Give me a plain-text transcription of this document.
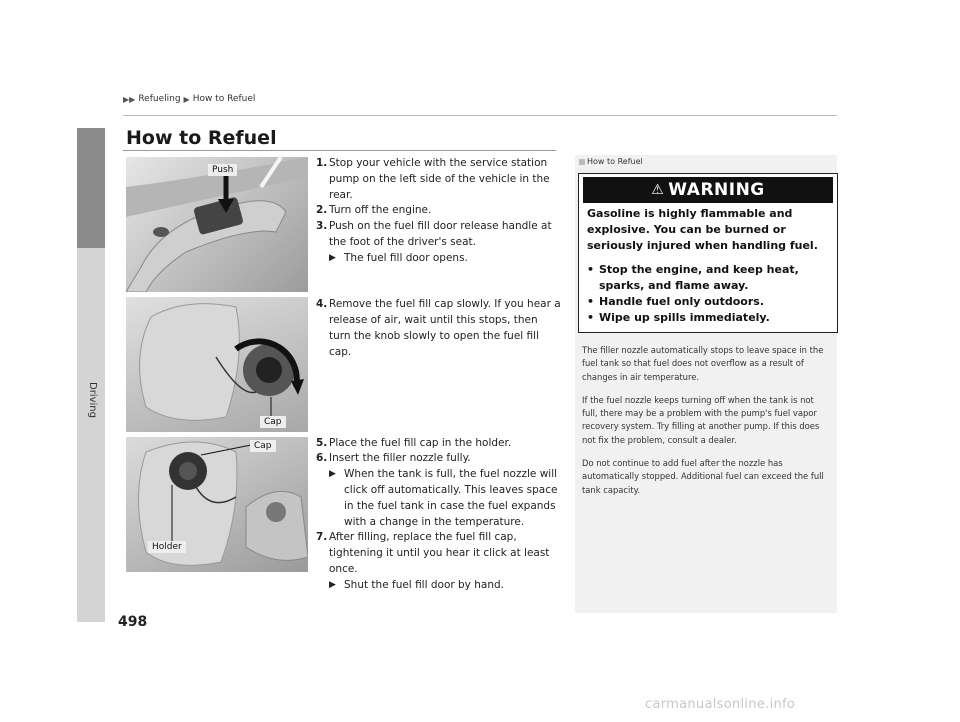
▶▶ Refueling ▶ How to Refuel
Driving
How to Refuel
Push
Cap
Cap
Holder
1. Stop your vehicle with the service station pump on the left side of the vehicle in the rear.
2. Turn off the engine.
3. Push on the fuel fill door release handle at the foot of the driver's seat.
▶ The fuel fill door opens.
4. Remove the fuel fill cap slowly. If you hear a release of air, wait until this stops, then turn the knob slowly to open the fuel fill cap.
5. Place the fuel fill cap in the holder.
6. Insert the filler nozzle fully.
▶ When the tank is full, the fuel nozzle will click off automatically. This leaves space in the fuel tank in case the fuel expands with a change in the temperature.
7. After filling, replace the fuel fill cap, tightening it until you hear it click at least once.
▶ Shut the fuel fill door by hand.
How to Refuel
⚠ WARNING
Gasoline is highly flammable and explosive. You can be burned or seriously injured when handling fuel.
• Stop the engine, and keep heat, sparks, and flame away.
• Handle fuel only outdoors.
• Wipe up spills immediately.

The filler nozzle automatically stops to leave space in the fuel tank so that fuel does not overflow as a result of changes in air temperature.

If the fuel nozzle keeps turning off when the tank is not full, there may be a problem with the pump's fuel vapor recovery system. Try filling at another pump. If this does not fix the problem, consult a dealer.

Do not continue to add fuel after the nozzle has automatically stopped. Additional fuel can exceed the full tank capacity.

498
carmanualsonline.info
